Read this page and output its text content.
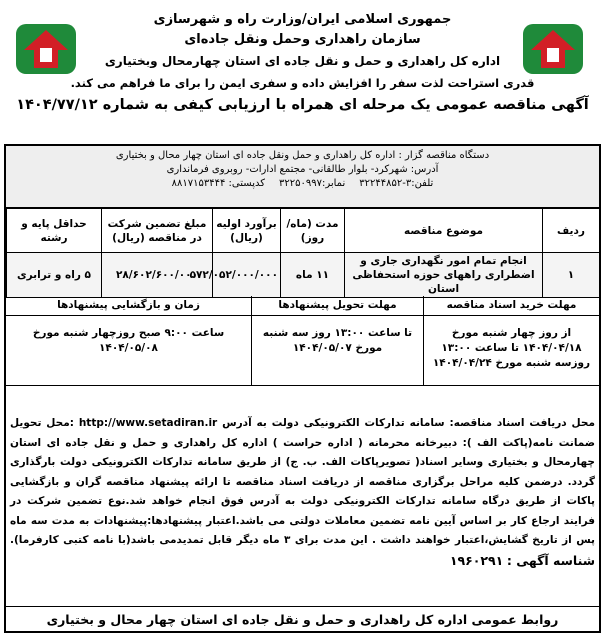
جمهوری اسلامی ایران/وزارت راه و شهرسازی
سازمان راهداری وحمل ونقل جاده‌ای
اداره کل راهداری و حمل و نقل جاده ای استان چهارمحال وبختیاری
قدری استراحت لذت سفر را افزایش داده و سفری ایمن را برای ما فراهم می کند.
آگهی مناقصه عمومی یک مرحله ای همراه با ارزیابی کیفی به شماره ۱۴۰۴/۷۷/۱۲
دستگاه مناقصه گزار : اداره کل راهداری و حمل ونقل جاده ای استان چهار محال و بختیاری
آدرس: شهرکرد- بلوار طالقانی- مجتمع ادارات- روبروی فرمانداری
تلفن:۳-۳۲۲۴۴۸۵۲
نمابر:۳۲۲۵۰۹۹۷
کدپستی: ۸۸۱۷۱۵۳۴۴۴
ردیف	موضوع مناقصه	مدت (ماه/روز)	برآورد اولیه (ریال)	مبلغ تضمین شرکت در مناقصه (ریال)	حداقل پایه و رشته
۱	انجام تمام امور نگهداری جاری و اضطراری راههای حوزه استحفاظی استان	۱۱ ماه	۵۷۲/۰۵۲/۰۰۰/۰۰۰	۲۸/۶۰۲/۶۰۰/۰۰۰	۵ راه و ترابری
مهلت خرید اسناد مناقصه
از روز چهار شنبه مورخ ۱۴۰۴/۰۴/۱۸ تا ساعت ۱۳:۰۰ روزسه شنبه مورخ ۱۴۰۴/۰۴/۲۴
مهلت تحویل پیشنهادها
تا ساعت ۱۳:۰۰ روز سه شنبه مورخ ۱۴۰۴/۰۵/۰۷
زمان و بازگشایی پیشنهادها
ساعت ۹:۰۰ صبح روزچهار شنبه مورخ ۱۴۰۴/۰۵/۰۸
محل دریافت اسناد مناقصه: سامانه تدارکات الکترونیکی دولت به آدرس http://www.setadiran.ir :محل تحویل ضمانت نامه(پاکت الف ): دبیرخانه محرمانه ( اداره حراست ) اداره کل راهداری و حمل و نقل جاده ای استان چهارمحال و بختیاری وسایر اسناد( تصویرپاکات الف. ب. ج) از طریق سامانه تدارکات الکترونیکی دولت بارگذاری گردد. درضمن کلیه مراحل برگزاری مناقصه از دریافت اسناد مناقصه تا ارائه پیشنهاد مناقصه گران و بازگشایی پاکات از طریق درگاه سامانه تدارکات الکترونیکی دولت به آدرس فوق انجام خواهد شد.نوع تضمین شرکت در فرایند ارجاع کار بر اساس آیین نامه تضمین معاملات دولتی می باشد.اعتبار پیشنهادها:پیشنهادات به مدت سه ماه پس از تاریخ گشایش،اعتبار خواهند داشت . این مدت برای ۳ ماه دیگر قابل تمدیدمی باشد(با نامه کتبی کارفرما). شناسه آگهی : ۱۹۶۰۲۹۱
روابط عمومی اداره کل راهداری و حمل و نقل جاده ای استان چهار محال و بختیاری
